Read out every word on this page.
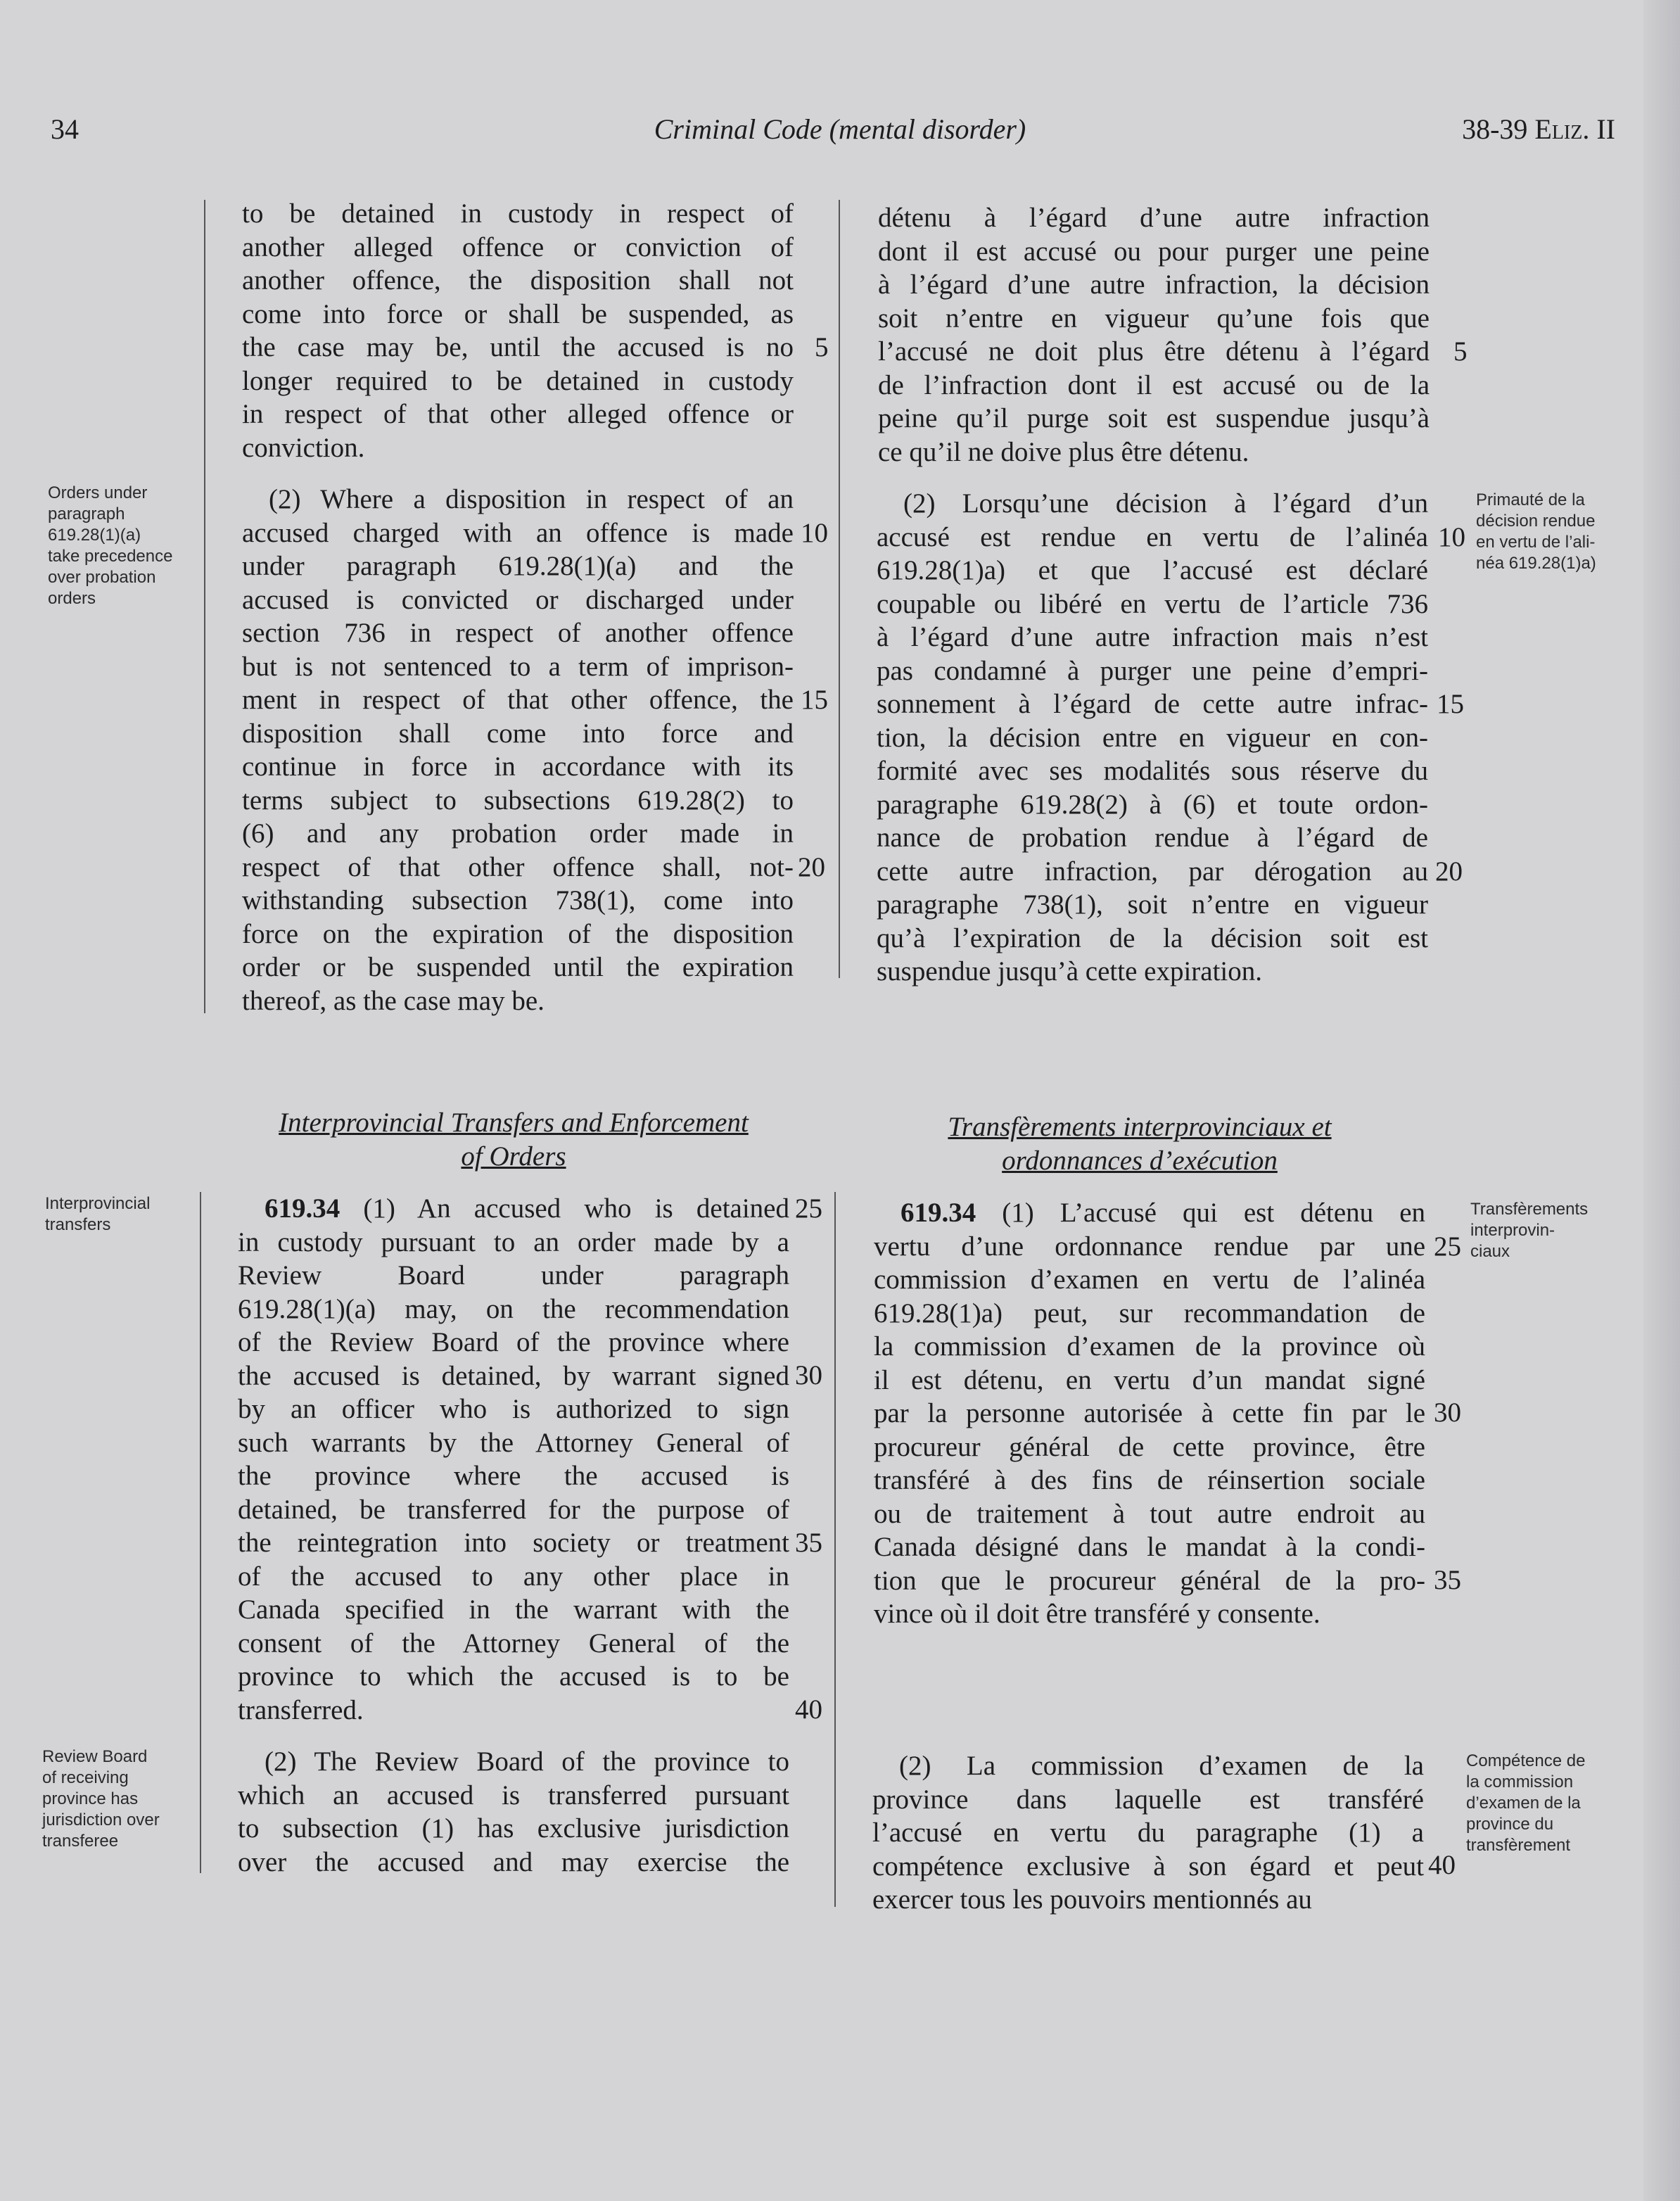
34	Criminal Code (mental disorder)	38-39 Eliz. II
Orders under
paragraph
619.28(1)(a)
take precedence
over probation
orders
Interprovincial
transfers
Review Board
of receiving
province has
jurisdiction over
transferee
Primauté de la
décision rendue
en vertu de l’ali-
néa 619.28(1)a)
Transfèrements
interprovin-
ciaux
Compétence de
la commission
d’examen de la
province du
transfèrement
to be detained in custody in respect of
another alleged offence or conviction of
another offence, the disposition shall not
come into force or shall be suspended, as
the case may be, until the accused is no
longer required to be detained in custody
in respect of that other alleged offence or
conviction.
(2) Where a disposition in respect of an
accused charged with an offence is made
under paragraph 619.28(1)(a) and the
accused is convicted or discharged under
section 736 in respect of another offence
but is not sentenced to a term of imprison-
ment in respect of that other offence, the
disposition shall come into force and
continue in force in accordance with its
terms subject to subsections 619.28(2) to
(6) and any probation order made in
respect of that other offence shall, not-
withstanding subsection 738(1), come into
force on the expiration of the disposition
order or be suspended until the expiration
thereof, as the case may be.
Interprovincial Transfers and Enforcement
of Orders
619.34 (1) An accused who is detained
in custody pursuant to an order made by a
Review Board under paragraph
619.28(1)(a) may, on the recommendation
of the Review Board of the province where
the accused is detained, by warrant signed
by an officer who is authorized to sign
such warrants by the Attorney General of
the province where the accused is
detained, be transferred for the purpose of
the reintegration into society or treatment
of the accused to any other place in
Canada specified in the warrant with the
consent of the Attorney General of the
province to which the accused is to be
transferred.
(2) The Review Board of the province to
which an accused is transferred pursuant
to subsection (1) has exclusive jurisdiction
over the accused and may exercise the
5
10
15
20
25
30
35
40
détenu à l’égard d’une autre infraction
dont il est accusé ou pour purger une peine
à l’égard d’une autre infraction, la décision
soit n’entre en vigueur qu’une fois que
l’accusé ne doit plus être détenu à l’égard
de l’infraction dont il est accusé ou de la
peine qu’il purge soit est suspendue jusqu’à
ce qu’il ne doive plus être détenu.
(2) Lorsqu’une décision à l’égard d’un
accusé est rendue en vertu de l’alinéa
619.28(1)a) et que l’accusé est déclaré
coupable ou libéré en vertu de l’article 736
à l’égard d’une autre infraction mais n’est
pas condamné à purger une peine d’empri-
sonnement à l’égard de cette autre infrac-
tion, la décision entre en vigueur en con-
formité avec ses modalités sous réserve du
paragraphe 619.28(2) à (6) et toute ordon-
nance de probation rendue à l’égard de
cette autre infraction, par dérogation au
paragraphe 738(1), soit n’entre en vigueur
qu’à l’expiration de la décision soit est
suspendue jusqu’à cette expiration.
Transfèrements interprovinciaux et
ordonnances d’exécution
619.34 (1) L’accusé qui est détenu en
vertu d’une ordonnance rendue par une
commission d’examen en vertu de l’alinéa
619.28(1)a) peut, sur recommandation de
la commission d’examen de la province où
il est détenu, en vertu d’un mandat signé
par la personne autorisée à cette fin par le
procureur général de cette province, être
transféré à des fins de réinsertion sociale
ou de traitement à tout autre endroit au
Canada désigné dans le mandat à la condi-
tion que le procureur général de la pro-
vince où il doit être transféré y consente.
(2) La commission d’examen de la
province dans laquelle est transféré
l’accusé en vertu du paragraphe (1) a
compétence exclusive à son égard et peut
exercer tous les pouvoirs mentionnés au
5
10
15
20
25
30
35
40
